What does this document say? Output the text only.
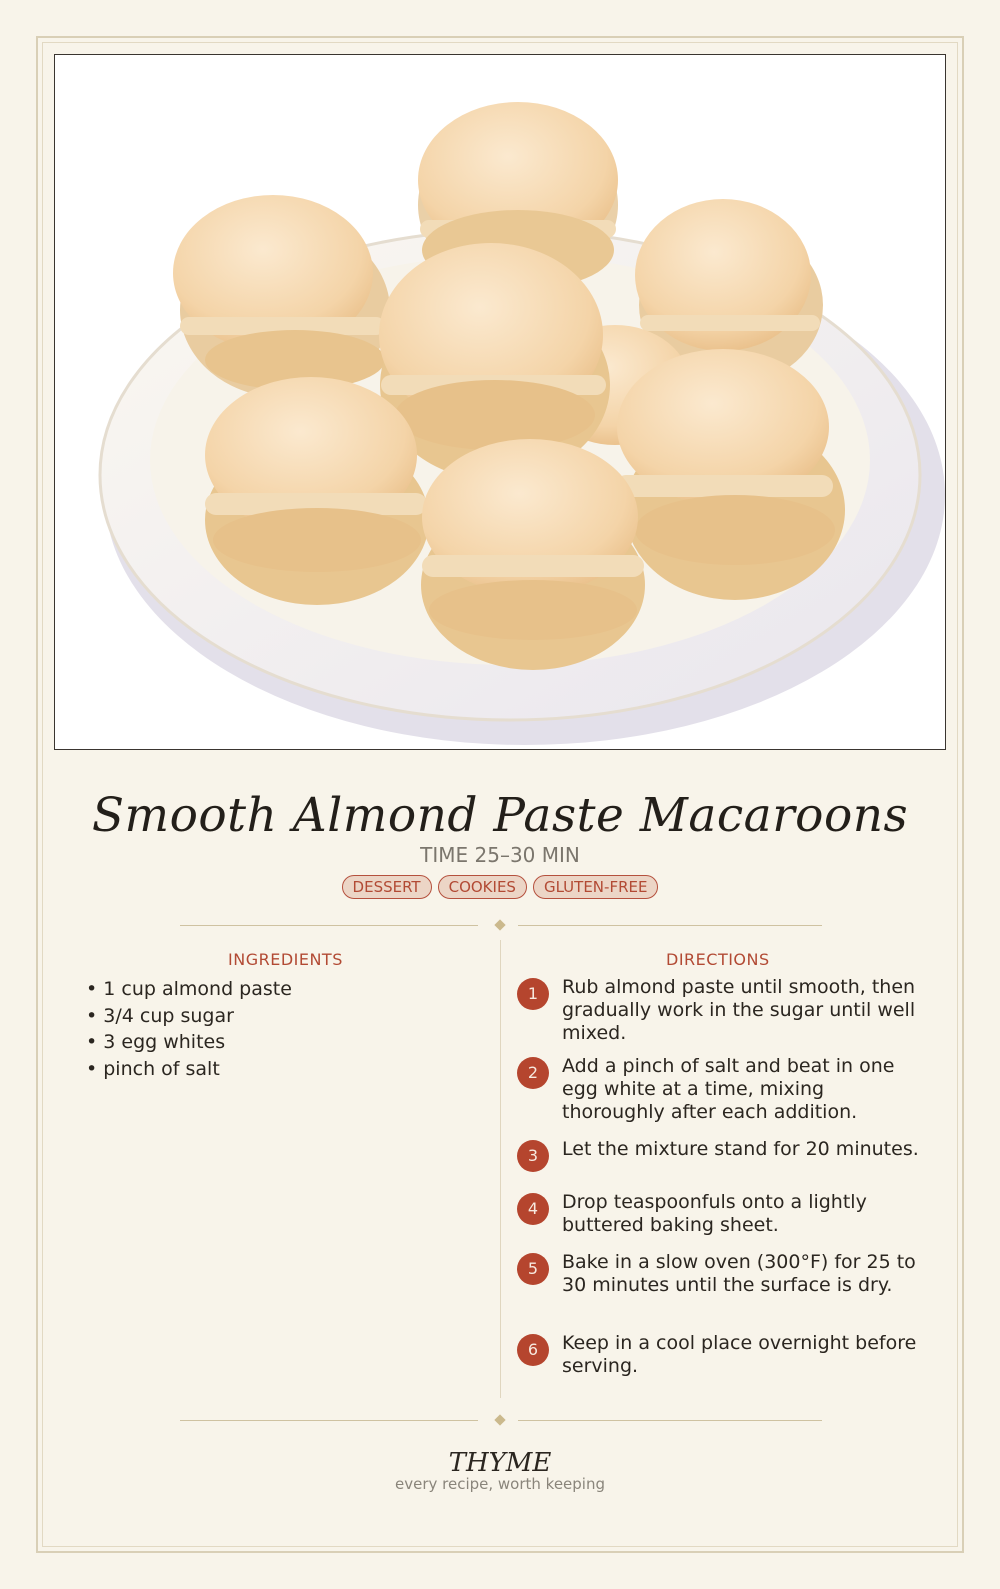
Smooth Almond Paste Macaroons
TIME 25–30 MIN
DESSERT COOKIES GLUTEN-FREE
INGREDIENTS
• 1 cup almond paste
• 3/4 cup sugar
• 3 egg whites
• pinch of salt
DIRECTIONS
1	Rub almond paste until smooth, then gradually work in the sugar until well mixed.
2	Add a pinch of salt and beat in one egg white at a time, mixing thoroughly after each addition.
3	Let the mixture stand for 20 minutes.
4	Drop teaspoonfuls onto a lightly buttered baking sheet.
5	Bake in a slow oven (300°F) for 25 to 30 minutes until the surface is dry.
6	Keep in a cool place overnight before serving.
THYME
every recipe, worth keeping
